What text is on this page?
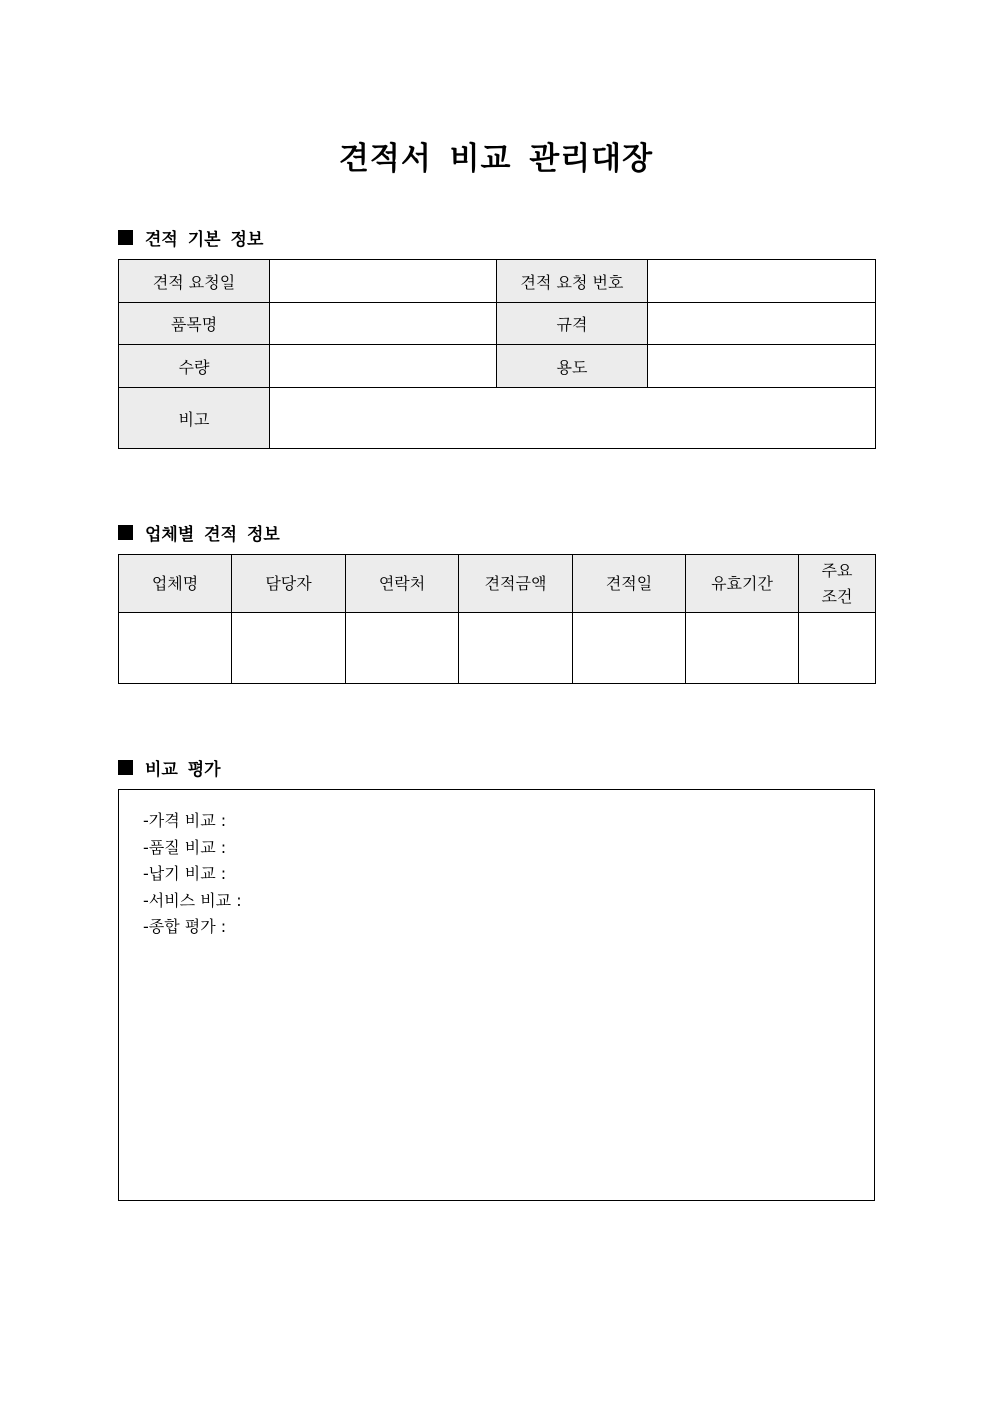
견적서 비교 관리대장
견적 기본 정보
견적 요청일		견적 요청 번호	
품목명		규격	
수량		용도	
비고			
업체별 견적 정보
업체명	담당자	연락처	견적금액	견적일	유효기간	주요
조건

비교 평가
-가격 비교 :
-품질 비교 :
-납기 비교 :
-서비스 비교 :
-종합 평가 :
